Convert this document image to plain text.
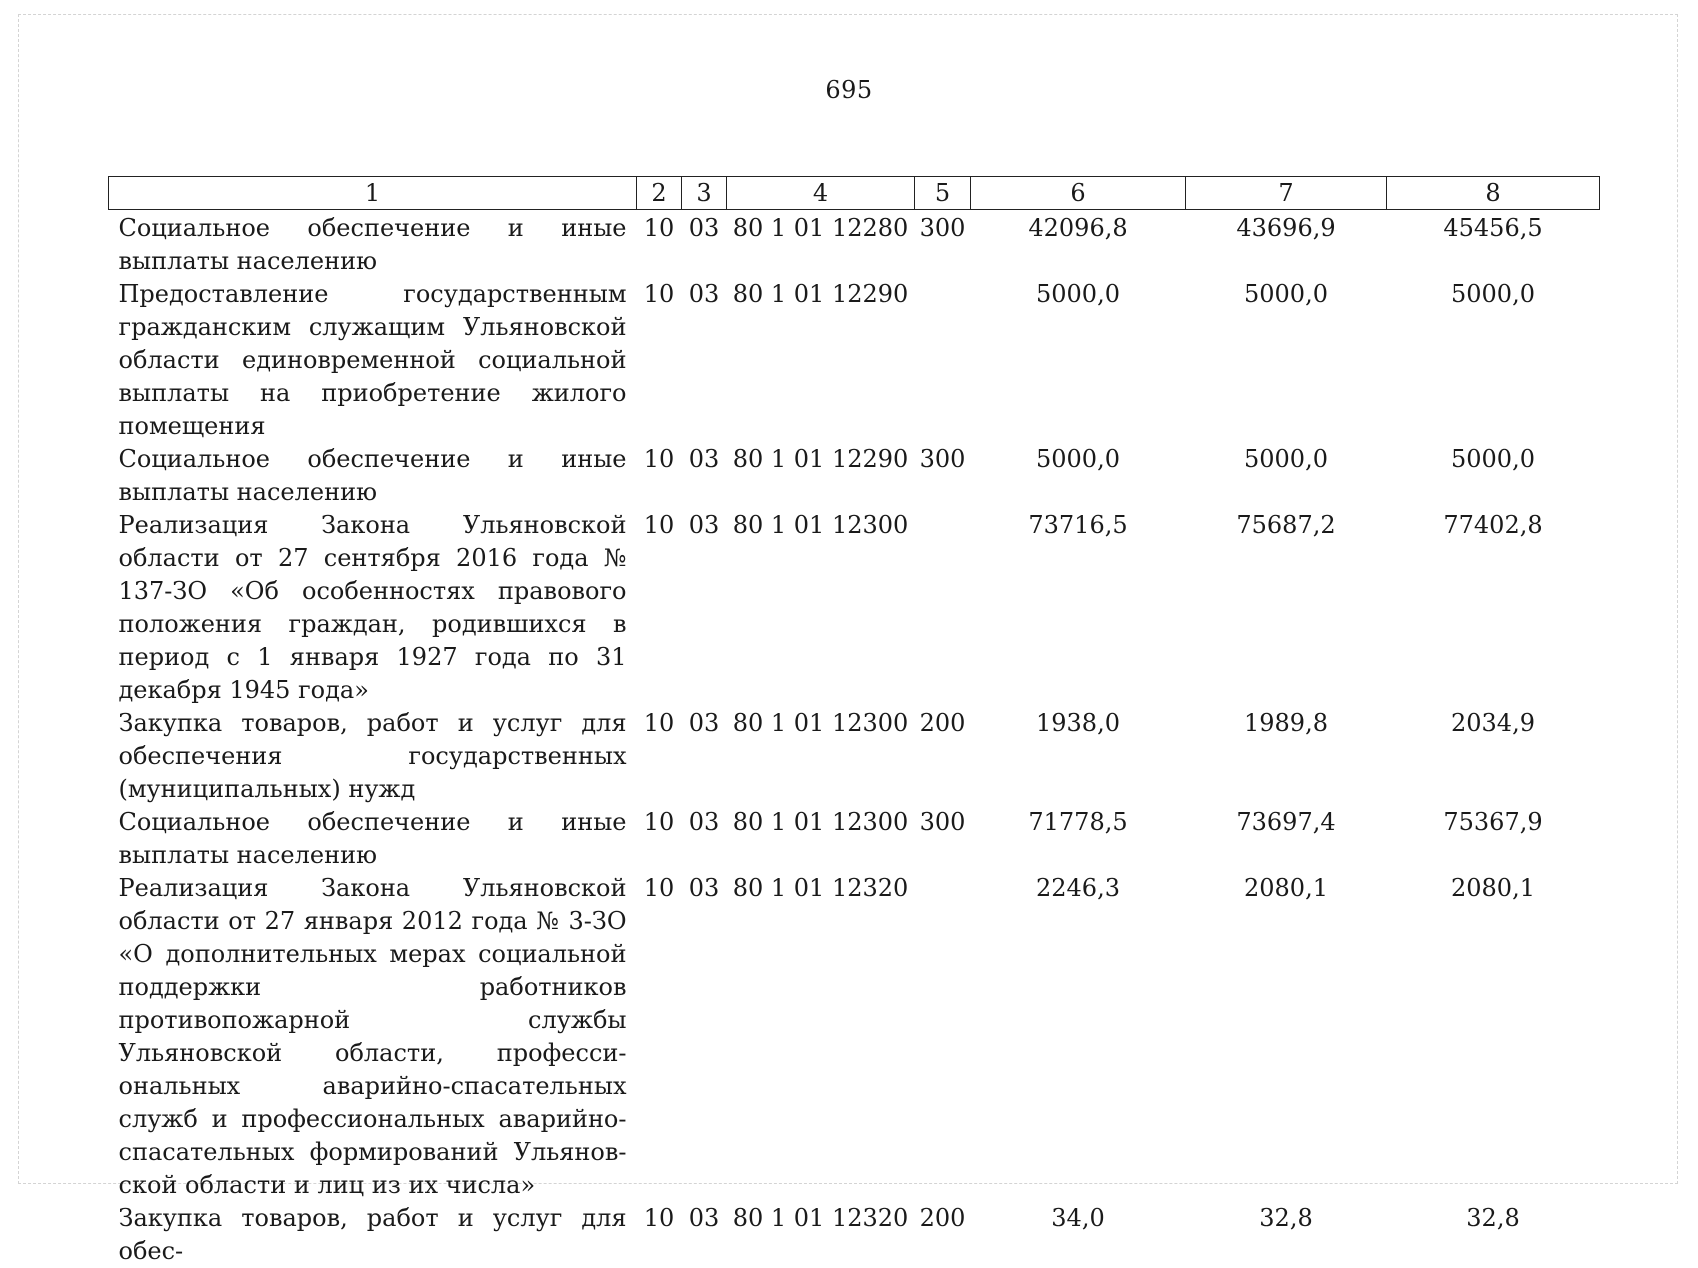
695
1	2	3	4	5	6	7	8
Социальное обеспечение и иные выплаты населению	10	03	80 1 01 12280	300	42096,8	43696,9	45456,5
Предоставление государственным гражданским служащим Ульяновской области единовременной социальной выплаты на приобретение жилого помещения	10	03	80 1 01 12290		5000,0	5000,0	5000,0
Социальное обеспечение и иные выплаты населению	10	03	80 1 01 12290	300	5000,0	5000,0	5000,0
Реализация Закона Ульяновской области от 27 сентября 2016 года № 137-ЗО «Об особенностях правового положения граждан, родившихся в период с 1 января 1927 года по 31 декабря 1945 года»	10	03	80 1 01 12300		73716,5	75687,2	77402,8
Закупка товаров, работ и услуг для обеспечения государственных (муниципальных) нужд	10	03	80 1 01 12300	200	1938,0	1989,8	2034,9
Социальное обеспечение и иные выплаты населению	10	03	80 1 01 12300	300	71778,5	73697,4	75367,9
Реализация Закона Ульяновской области от 27 января 2012 года № 3-ЗО «О дополнительных мерах социальной поддержки работников противопожарной службы Ульяновской области, профессиональных аварийно-спасательных служб и профессиональных аварийно-спасательных формирований Ульяновской области и лиц из их числа»	10	03	80 1 01 12320		2246,3	2080,1	2080,1
Закупка товаров, работ и услуг для обес-	10	03	80 1 01 12320	200	34,0	32,8	32,8
